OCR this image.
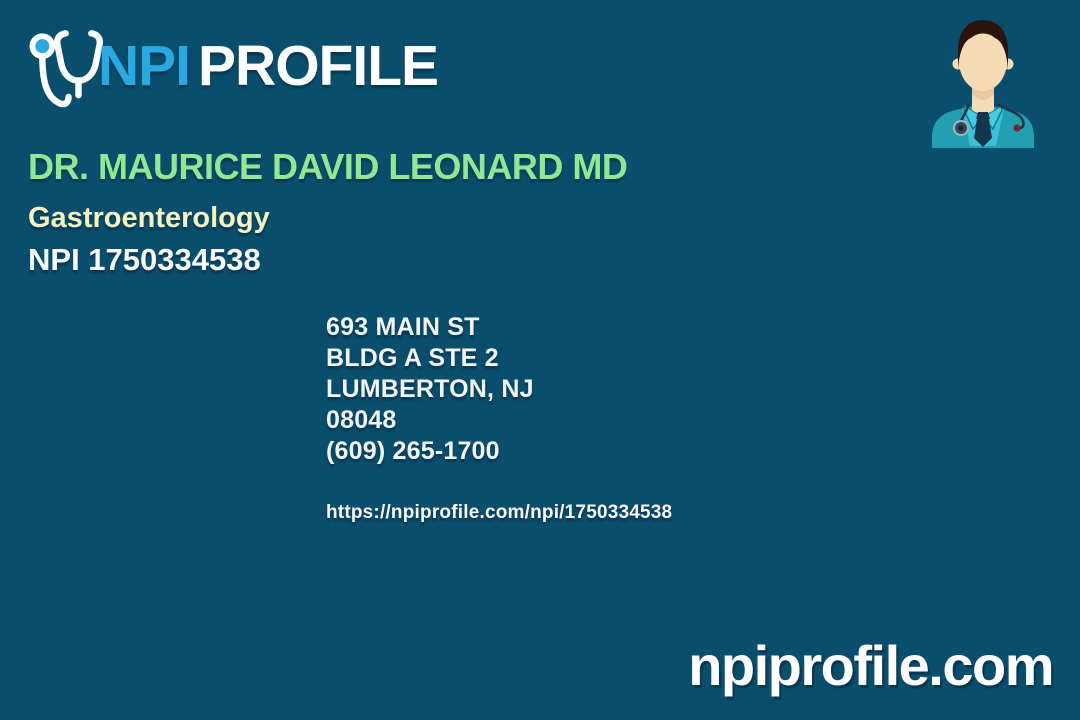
NPI PROFILE
DR. MAURICE DAVID LEONARD MD
Gastroenterology
NPI 1750334538
693 MAIN ST
BLDG A STE 2
LUMBERTON, NJ
08048
(609) 265-1700
https://npiprofile.com/npi/1750334538
npiprofile.com
